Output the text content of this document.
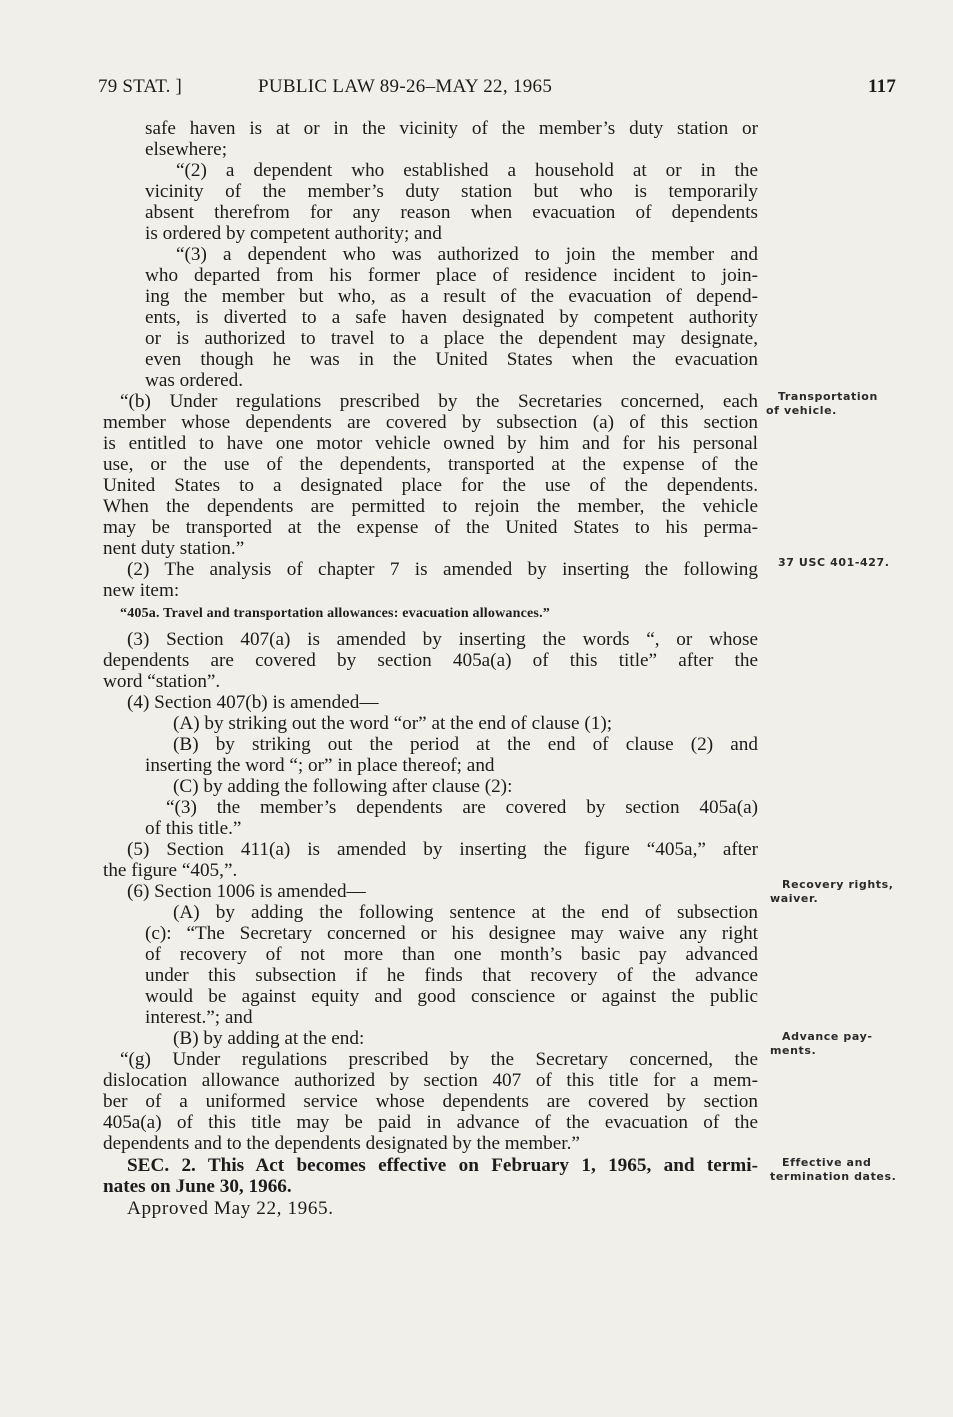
79 STAT. ]	PUBLIC LAW 89-26–MAY 22, 1965	117
safe haven is at or in the vicinity of the member’s duty station or
elsewhere;
“(2) a dependent who established a household at or in the
vicinity of the member’s duty station but who is temporarily
absent therefrom for any reason when evacuation of dependents
is ordered by competent authority; and
“(3) a dependent who was authorized to join the member and
who departed from his former place of residence incident to join-
ing the member but who, as a result of the evacuation of depend-
ents, is diverted to a safe haven designated by competent authority
or is authorized to travel to a place the dependent may designate,
even though he was in the United States when the evacuation
was ordered.
“(b) Under regulations prescribed by the Secretaries concerned, each
member whose dependents are covered by subsection (a) of this section
is entitled to have one motor vehicle owned by him and for his personal
use, or the use of the dependents, transported at the expense of the
United States to a designated place for the use of the dependents.
When the dependents are permitted to rejoin the member, the vehicle
may be transported at the expense of the United States to his perma-
nent duty station.”
(2) The analysis of chapter 7 is amended by inserting the following
new item:
“405a. Travel and transportation allowances: evacuation allowances.”
(3) Section 407(a) is amended by inserting the words “, or whose
dependents are covered by section 405a(a) of this title” after the
word “station”.
(4) Section 407(b) is amended—
(A) by striking out the word “or” at the end of clause (1);
(B) by striking out the period at the end of clause (2) and
inserting the word “; or” in place thereof; and
(C) by adding the following after clause (2):
“(3) the member’s dependents are covered by section 405a(a)
of this title.”
(5) Section 411(a) is amended by inserting the figure “405a,” after
the figure “405,”.
(6) Section 1006 is amended—
(A) by adding the following sentence at the end of subsection
(c): “The Secretary concerned or his designee may waive any right
of recovery of not more than one month’s basic pay advanced
under this subsection if he finds that recovery of the advance
would be against equity and good conscience or against the public
interest.”; and
(B) by adding at the end:
“(g) Under regulations prescribed by the Secretary concerned, the
dislocation allowance authorized by section 407 of this title for a mem-
ber of a uniformed service whose dependents are covered by section
405a(a) of this title may be paid in advance of the evacuation of the
dependents and to the dependents designated by the member.”
SEC. 2. This Act becomes effective on February 1, 1965, and termi-
nates on June 30, 1966.
Approved May 22, 1965.
Transportation
of vehicle.
37 USC 401-427.
Recovery rights,
waiver.
Advance pay-
ments.
Effective and
termination dates.
